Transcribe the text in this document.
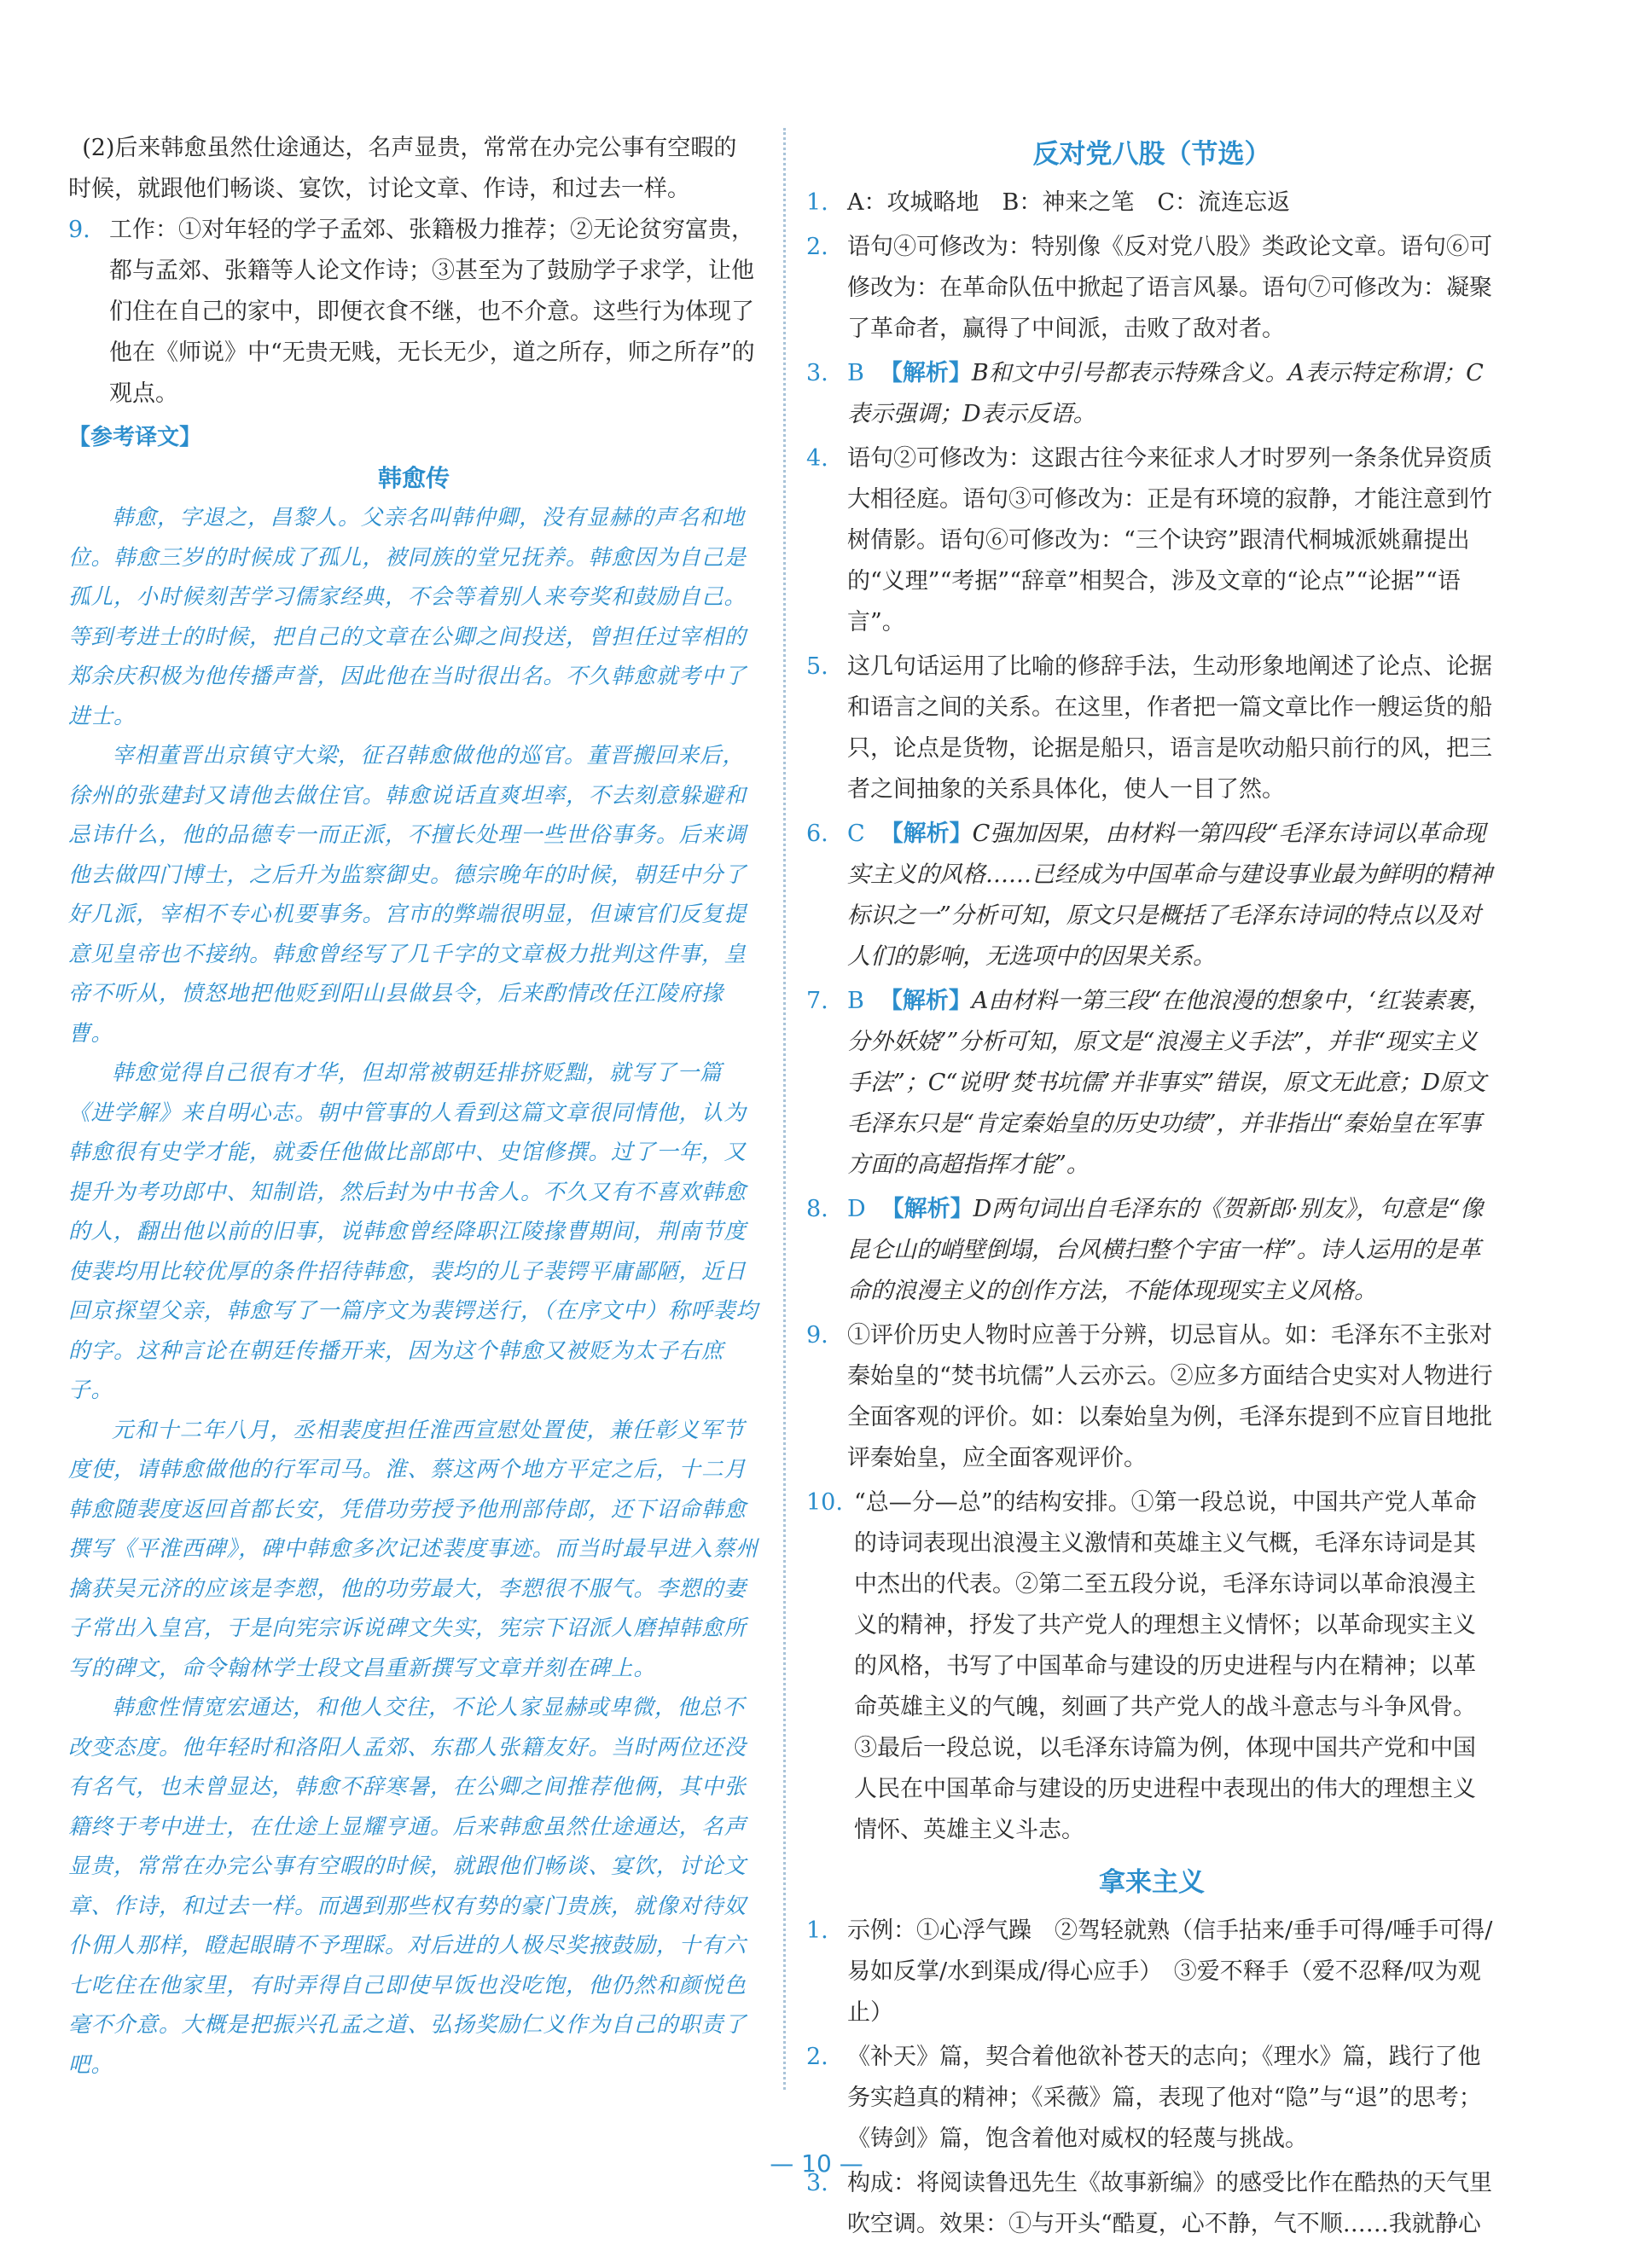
(2)后来韩愈虽然仕途通达，名声显贵，常常在办完公事有空暇的时候，就跟他们畅谈、宴饮，讨论文章、作诗，和过去一样。

9. 工作：①对年轻的学子孟郊、张籍极力推荐；②无论贫穷富贵，都与孟郊、张籍等人论文作诗；③甚至为了鼓励学子求学，让他们住在自己的家中，即便衣食不继，也不介意。这些行为体现了他在《师说》中“无贵无贱，无长无少，道之所存，师之所存”的观点。
【参考译文】
韩愈传

韩愈，字退之，昌黎人。父亲名叫韩仲卿，没有显赫的声名和地位。韩愈三岁的时候成了孤儿，被同族的堂兄抚养。韩愈因为自己是孤儿，小时候刻苦学习儒家经典，不会等着别人来夸奖和鼓励自己。等到考进士的时候，把自己的文章在公卿之间投送，曾担任过宰相的郑余庆积极为他传播声誉，因此他在当时很出名。不久韩愈就考中了进士。

宰相董晋出京镇守大梁，征召韩愈做他的巡官。董晋搬回来后，徐州的张建封又请他去做住官。韩愈说话直爽坦率，不去刻意躲避和忌讳什么，他的品德专一而正派，不擅长处理一些世俗事务。后来调他去做四门博士，之后升为监察御史。德宗晚年的时候，朝廷中分了好几派，宰相不专心机要事务。宫市的弊端很明显，但谏官们反复提意见皇帝也不接纳。韩愈曾经写了几千字的文章极力批判这件事，皇帝不听从，愤怒地把他贬到阳山县做县令，后来酌情改任江陵府掾曹。

韩愈觉得自己很有才华，但却常被朝廷排挤贬黜，就写了一篇《进学解》来自明心志。朝中管事的人看到这篇文章很同情他，认为韩愈很有史学才能，就委任他做比部郎中、史馆修撰。过了一年，又提升为考功郎中、知制诰，然后封为中书舍人。不久又有不喜欢韩愈的人，翻出他以前的旧事，说韩愈曾经降职江陵掾曹期间，荆南节度使裴均用比较优厚的条件招待韩愈，裴均的儿子裴锷平庸鄙陋，近日回京探望父亲，韩愈写了一篇序文为裴锷送行，（在序文中）称呼裴均的字。这种言论在朝廷传播开来，因为这个韩愈又被贬为太子右庶子。

元和十二年八月，丞相裴度担任淮西宣慰处置使，兼任彰义军节度使，请韩愈做他的行军司马。淮、蔡这两个地方平定之后，十二月韩愈随裴度返回首都长安，凭借功劳授予他刑部侍郎，还下诏命韩愈撰写《平淮西碑》，碑中韩愈多次记述裴度事迹。而当时最早进入蔡州擒获吴元济的应该是李愬，他的功劳最大，李愬很不服气。李愬的妻子常出入皇宫，于是向宪宗诉说碑文失实，宪宗下诏派人磨掉韩愈所写的碑文，命令翰林学士段文昌重新撰写文章并刻在碑上。

韩愈性情宽宏通达，和他人交往，不论人家显赫或卑微，他总不改变态度。他年轻时和洛阳人孟郊、东郡人张籍友好。当时两位还没有名气，也未曾显达，韩愈不辞寒暑，在公卿之间推荐他俩，其中张籍终于考中进士，在仕途上显耀亨通。后来韩愈虽然仕途通达，名声显贵，常常在办完公事有空暇的时候，就跟他们畅谈、宴饮，讨论文章、作诗，和过去一样。而遇到那些权有势的豪门贵族，就像对待奴仆佣人那样，瞪起眼睛不予理睬。对后进的人极尽奖掖鼓励，十有六七吃住在他家里，有时弄得自己即使早饭也没吃饱，他仍然和颜悦色毫不介意。大概是把振兴孔孟之道、弘扬奖励仁义作为自己的职责了吧。

反对党八股（节选）
1. A：攻城略地　B：神来之笔　C：流连忘返
2. 语句④可修改为：特别像《反对党八股》类政论文章。语句⑥可修改为：在革命队伍中掀起了语言风暴。语句⑦可修改为：凝聚了革命者，赢得了中间派，击败了敌对者。
3. B 【解析】B和文中引号都表示特殊含义。A表示特定称谓；C表示强调；D表示反语。
4. 语句②可修改为：这跟古往今来征求人才时罗列一条条优异资质大相径庭。语句③可修改为：正是有环境的寂静，才能注意到竹树倩影。语句⑥可修改为：“三个诀窍”跟清代桐城派姚鼐提出的“义理”“考据”“辞章”相契合，涉及文章的“论点”“论据”“语言”。
5. 这几句话运用了比喻的修辞手法，生动形象地阐述了论点、论据和语言之间的关系。在这里，作者把一篇文章比作一艘运货的船只，论点是货物，论据是船只，语言是吹动船只前行的风，把三者之间抽象的关系具体化，使人一目了然。
6. C 【解析】C强加因果，由材料一第四段“毛泽东诗词以革命现实主义的风格……已经成为中国革命与建设事业最为鲜明的精神标识之一”分析可知，原文只是概括了毛泽东诗词的特点以及对人们的影响，无选项中的因果关系。
7. B 【解析】A由材料一第三段“在他浪漫的想象中，‘红装素裹，分外妖娆’”分析可知，原文是“浪漫主义手法”，并非“现实主义手法”；C“说明‘焚书坑儒’并非事实”错误，原文无此意；D原文毛泽东只是“肯定秦始皇的历史功绩”，并非指出“秦始皇在军事方面的高超指挥才能”。
8. D 【解析】D两句词出自毛泽东的《贺新郎·别友》，句意是“像昆仑山的峭壁倒塌，台风横扫整个宇宙一样”。诗人运用的是革命的浪漫主义的创作方法，不能体现现实主义风格。
9. ①评价历史人物时应善于分辨，切忌盲从。如：毛泽东不主张对秦始皇的“焚书坑儒”人云亦云。②应多方面结合史实对人物进行全面客观的评价。如：以秦始皇为例，毛泽东提到不应盲目地批评秦始皇，应全面客观评价。
10. “总—分—总”的结构安排。①第一段总说，中国共产党人革命的诗词表现出浪漫主义激情和英雄主义气概，毛泽东诗词是其中杰出的代表。②第二至五段分说，毛泽东诗词以革命浪漫主义的精神，抒发了共产党人的理想主义情怀；以革命现实主义的风格，书写了中国革命与建设的历史进程与内在精神；以革命英雄主义的气魄，刻画了共产党人的战斗意志与斗争风骨。③最后一段总说，以毛泽东诗篇为例，体现中国共产党和中国人民在中国革命与建设的历史进程中表现出的伟大的理想主义情怀、英雄主义斗志。
拿来主义
1. 示例：①心浮气躁　②驾轻就熟（信手拈来/垂手可得/唾手可得/易如反掌/水到渠成/得心应手）　③爱不释手（爱不忍释/叹为观止）
2. 《补天》篇，契合着他欲补苍天的志向；《理水》篇，践行了他务实趋真的精神；《采薇》篇，表现了他对“隐”与“退”的思考；《铸剑》篇，饱含着他对威权的轻蔑与挑战。
3. 构成：将阅读鲁迅先生《故事新编》的感受比作在酷热的天气里吹空调。效果：①与开头“酷夏，心不静，气不顺……我就静心
— 10 —
